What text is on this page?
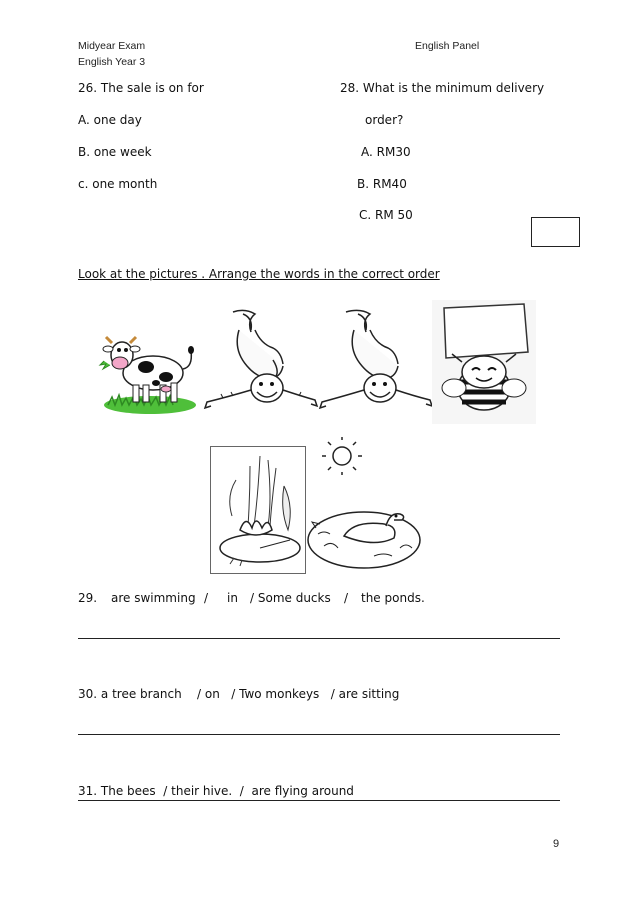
Midyear Exam
English Year 3
English Panel
26. The sale is on for
A. one day
B. one week
c. one month
28. What is the minimum delivery
order?
A. RM30
B. RM40
C. RM 50
Look at the pictures . Arrange the words in the correct order
29. are swimming / in / Some ducks / the ponds.
30. a tree branch    / on   / Two monkeys   / are sitting
31. The bees  / their hive.  /  are flying around
9
